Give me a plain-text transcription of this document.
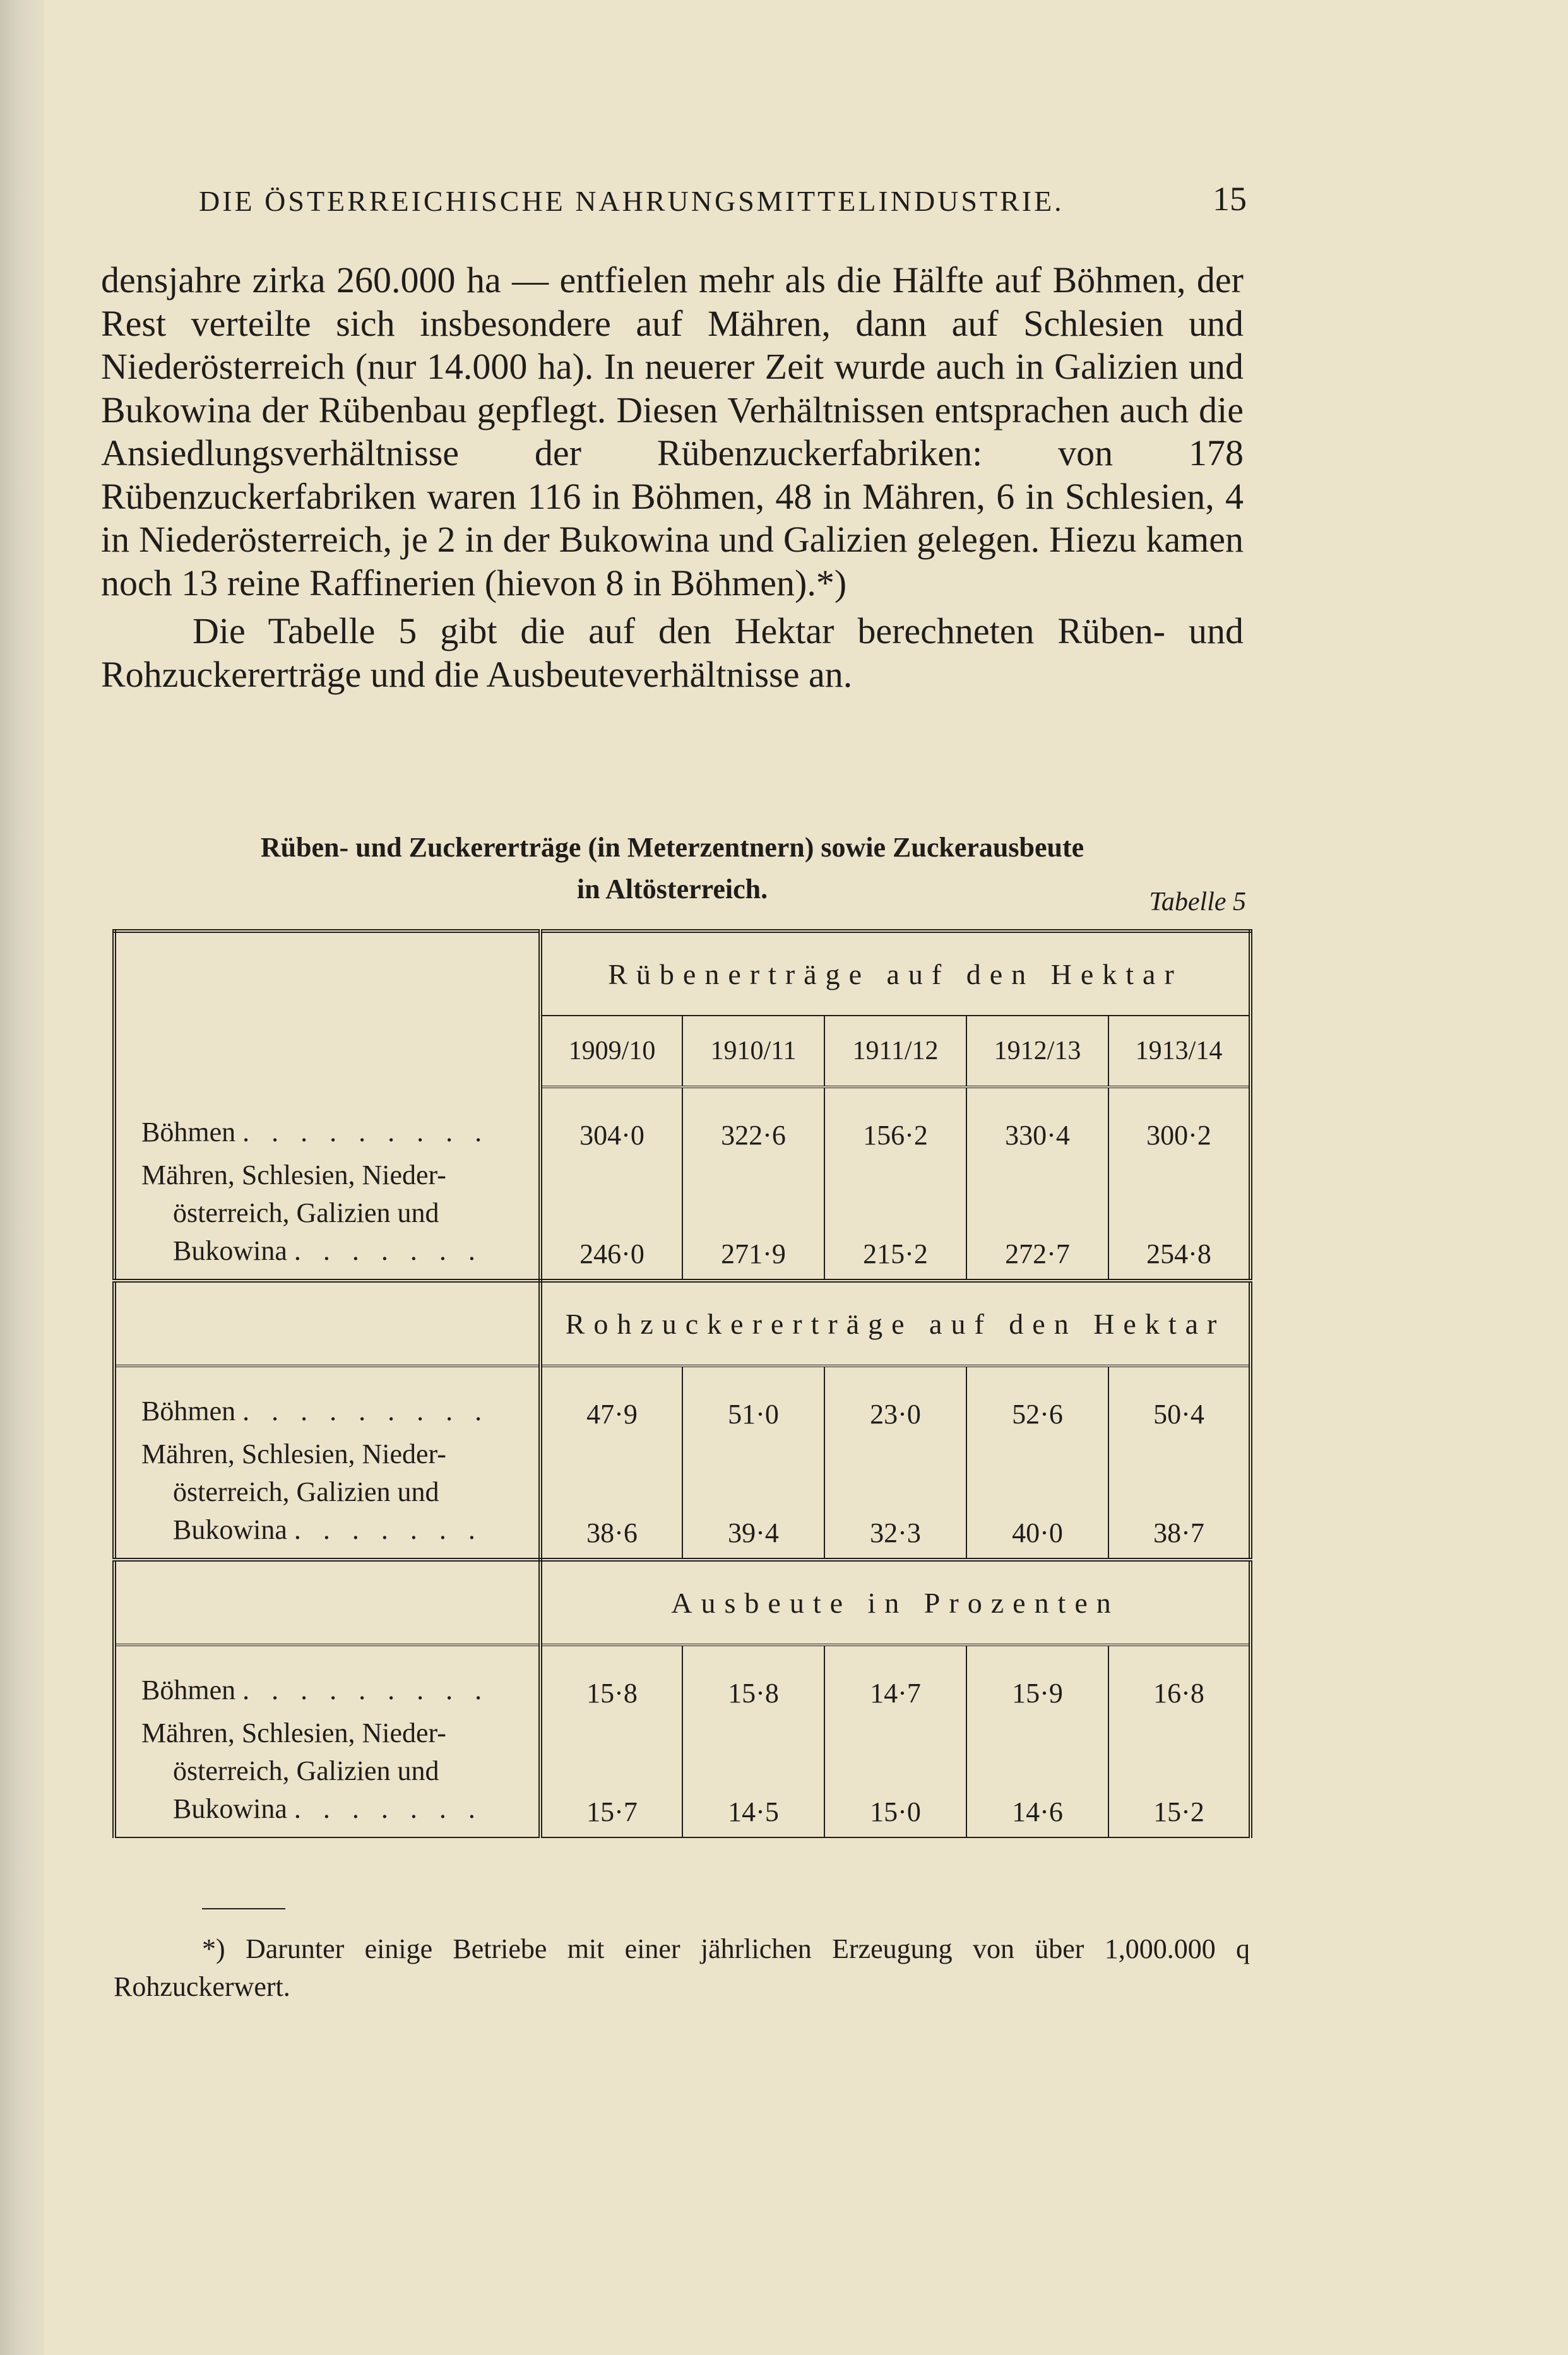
DIE ÖSTERREICHISCHE NAHRUNGSMITTELINDUSTRIE.	15

densjahre zirka 260.000 ha — entfielen mehr als die Hälfte auf Böhmen, der Rest verteilte sich insbesondere auf Mähren, dann auf Schlesien und Niederösterreich (nur 14.000 ha). In neuerer Zeit wurde auch in Galizien und Bukowina der Rübenbau gepflegt. Diesen Verhältnissen entsprachen auch die Ansiedlungsverhältnisse der Rübenzuckerfabriken: von 178 Rübenzuckerfabriken waren 116 in Böhmen, 48 in Mähren, 6 in Schlesien, 4 in Niederösterreich, je 2 in der Bukowina und Galizien gelegen. Hiezu kamen noch 13 reine Raffinerien (hievon 8 in Böhmen).*)

Die Tabelle 5 gibt die auf den Hektar berechneten Rüben- und Rohzuckererträge und die Ausbeuteverhältnisse an.

Rüben- und Zuckererträge (in Meterzentnern) sowie Zuckerausbeute
in Altösterreich.	Tabelle 5
	Rübenerträge auf den Hektar				
	1909/10	1910/11	1911/12	1912/13	1913/14
Böhmen . . . . . . . . .	304·0	322·6	156·2	330·4	300·2

Mähren, Schlesien, Nieder-
österreich, Galizien und
Bukowina . . . . . . .	246·0	271·9	215·2	272·7	254·8
	Rohzuckererträge auf den Hektar				
Böhmen . . . . . . . . .	47·9	51·0	23·0	52·6	50·4

Mähren, Schlesien, Nieder-
österreich, Galizien und
Bukowina . . . . . . .	38·6	39·4	32·3	40·0	38·7
	Ausbeute in Prozenten				
Böhmen . . . . . . . . .	15·8	15·8	14·7	15·9	16·8

Mähren, Schlesien, Nieder-
österreich, Galizien und
Bukowina . . . . . . .	15·7	14·5	15·0	14·6	15·2

*) Darunter einige Betriebe mit einer jährlichen Erzeugung von über 1,000.000 q Rohzuckerwert.
